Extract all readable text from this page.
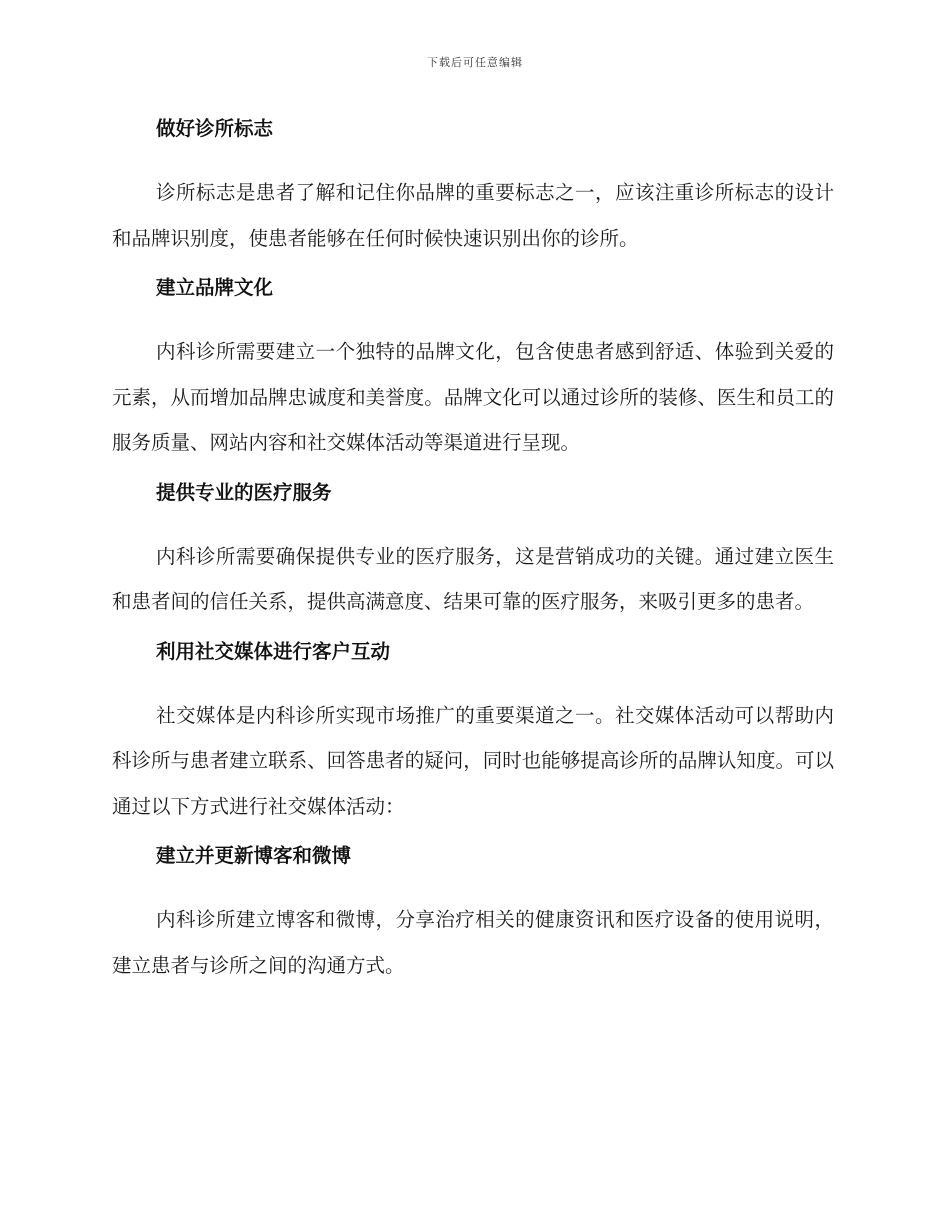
下载后可任意编辑
做好诊所标志

诊所标志是患者了解和记住你品牌的重要标志之一，应该注重诊所标志的设计和品牌识别度，使患者能够在任何时候快速识别出你的诊所。

建立品牌文化

内科诊所需要建立一个独特的品牌文化，包含使患者感到舒适、体验到关爱的元素，从而增加品牌忠诚度和美誉度。品牌文化可以通过诊所的装修、医生和员工的服务质量、网站内容和社交媒体活动等渠道进行呈现。

提供专业的医疗服务

内科诊所需要确保提供专业的医疗服务，这是营销成功的关键。通过建立医生和患者间的信任关系，提供高满意度、结果可靠的医疗服务，来吸引更多的患者。

利用社交媒体进行客户互动

社交媒体是内科诊所实现市场推广的重要渠道之一。社交媒体活动可以帮助内科诊所与患者建立联系、回答患者的疑问，同时也能够提高诊所的品牌认知度。可以通过以下方式进行社交媒体活动：

建立并更新博客和微博

内科诊所建立博客和微博，分享治疗相关的健康资讯和医疗设备的使用说明，建立患者与诊所之间的沟通方式。
